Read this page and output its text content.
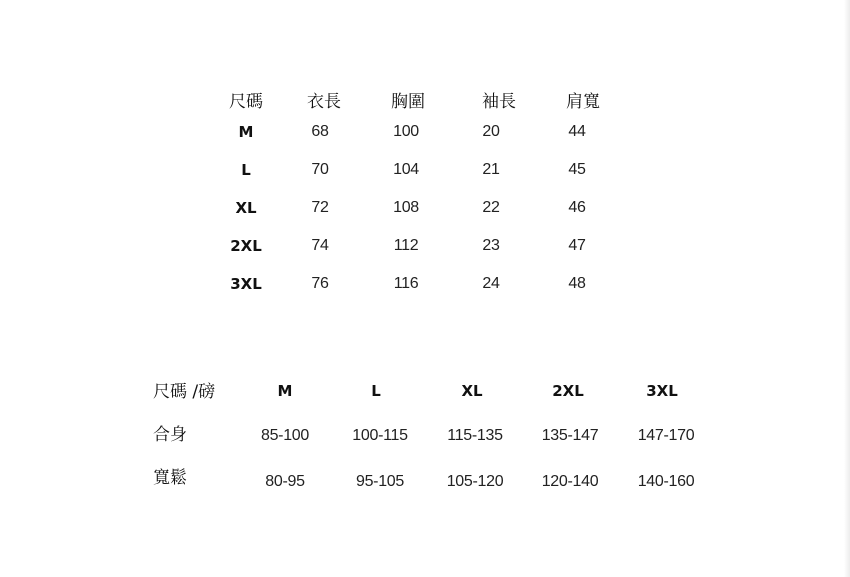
尺碼	衣長	胸圍	袖長	肩寬
M	68	100	20	44
L	70	104	21	45
XL	72	108	22	46
2XL	74	112	23	47
3XL	76	116	24	48
尺碼 /磅	M	L	XL	2XL	3XL
合身	85-100	100-115 115-135 135-147 147-170
寬鬆	80-95	95-105	105-120 120-140 140-160
